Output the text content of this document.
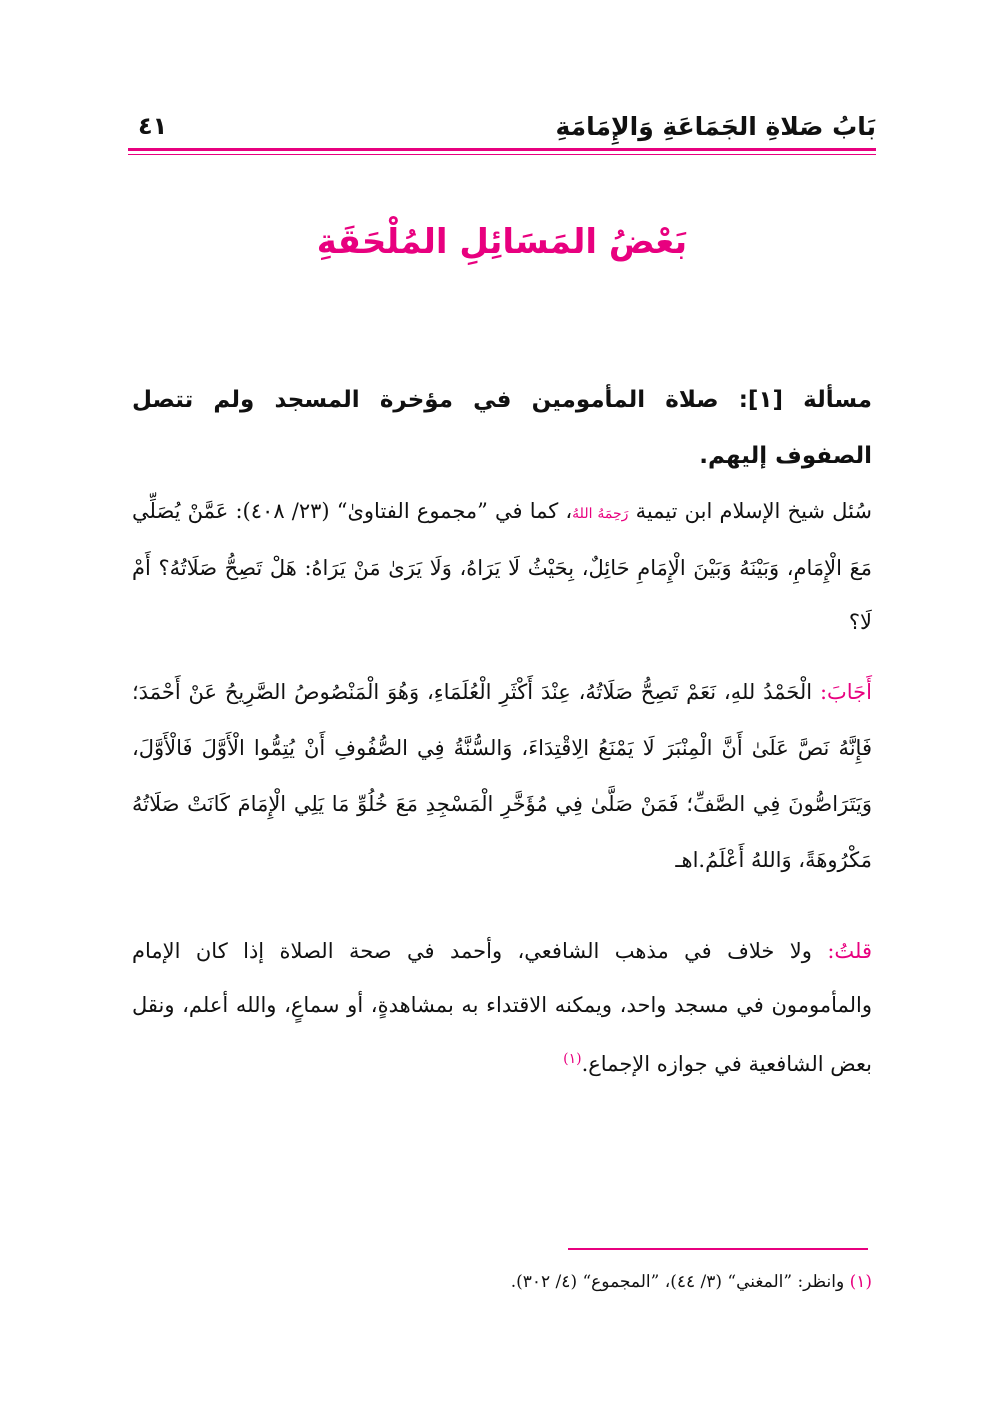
بَابُ صَلاةِ الجَمَاعَةِ وَالإِمَامَةِ
٤١
بَعْضُ المَسَائِلِ المُلْحَقَةِ
مسألة [١]: صلاة المأمومين في مؤخرة المسجد ولم تتصل الصفوف إليهم.
سُئل شيخ الإسلام ابن تيمية رَحِمَهُ اللهُ، كما في ”مجموع الفتاوىٰ“ (٢٣/ ٤٠٨): عَمَّنْ يُصَلِّي مَعَ الْإِمَامِ، وَبَيْنَهُ وَبَيْنَ الْإِمَامِ حَائِلٌ، بِحَيْثُ لَا يَرَاهُ، وَلَا يَرَىٰ مَنْ يَرَاهُ: هَلْ تَصِحُّ صَلَاتُهُ؟ أَمْ لَا؟
أَجَابَ: الْحَمْدُ للهِ، نَعَمْ تَصِحُّ صَلَاتُهُ، عِنْدَ أَكْثَرِ الْعُلَمَاءِ، وَهُوَ الْمَنْصُوصُ الصَّرِيحُ عَنْ أَحْمَدَ؛ فَإِنَّهُ نَصَّ عَلَىٰ أَنَّ الْمِنْبَرَ لَا يَمْنَعُ الِاقْتِدَاءَ، وَالسُّنَّةُ فِي الصُّفُوفِ أَنْ يُتِمُّوا الْأَوَّلَ فَالْأَوَّلَ، وَيَتَرَاصُّونَ فِي الصَّفِّ؛ فَمَنْ صَلَّىٰ فِي مُؤَخَّرِ الْمَسْجِدِ مَعَ خُلُوِّ مَا يَلِي الْإِمَامَ كَانَتْ صَلَاتُهُ مَكْرُوهَةً، وَاللهُ أَعْلَمُ.اهـ
قلتُ: ولا خلاف في مذهب الشافعي، وأحمد في صحة الصلاة إذا كان الإمام والمأمومون في مسجد واحد، ويمكنه الاقتداء به بمشاهدةٍ، أو سماعٍ، والله أعلم، ونقل بعض الشافعية في جوازه الإجماع.$^{(١)}$
(١) وانظر: ”المغني“ (٣/ ٤٤)، ”المجموع“ (٤/ ٣٠٢).
